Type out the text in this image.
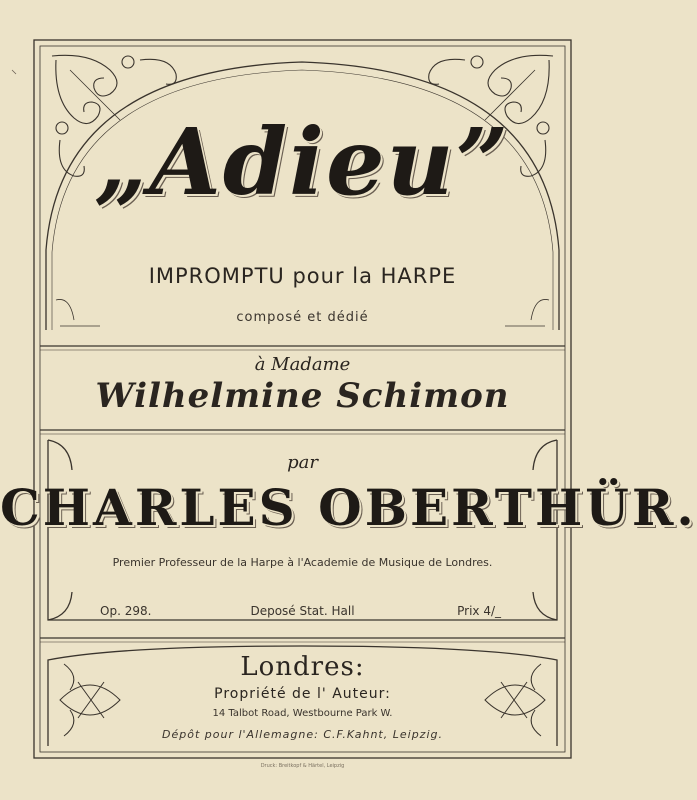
„Adieu”
IMPROMPTU pour la HARPE
composé et dédié
à Madame
Wilhelmine Schimon
par
CHARLES OBERTHÜR.
Premier Professeur de la Harpe à l'Academie de Musique de Londres.
Op. 298.	Deposé Stat. Hall	Prix 4/_
Londres:
Propriété de l' Auteur:
14 Talbot Road, Westbourne Park W.
Dépôt pour l'Allemagne: C.F.Kahnt, Leipzig.
Druck: Breitkopf & Härtel, Leipzig
